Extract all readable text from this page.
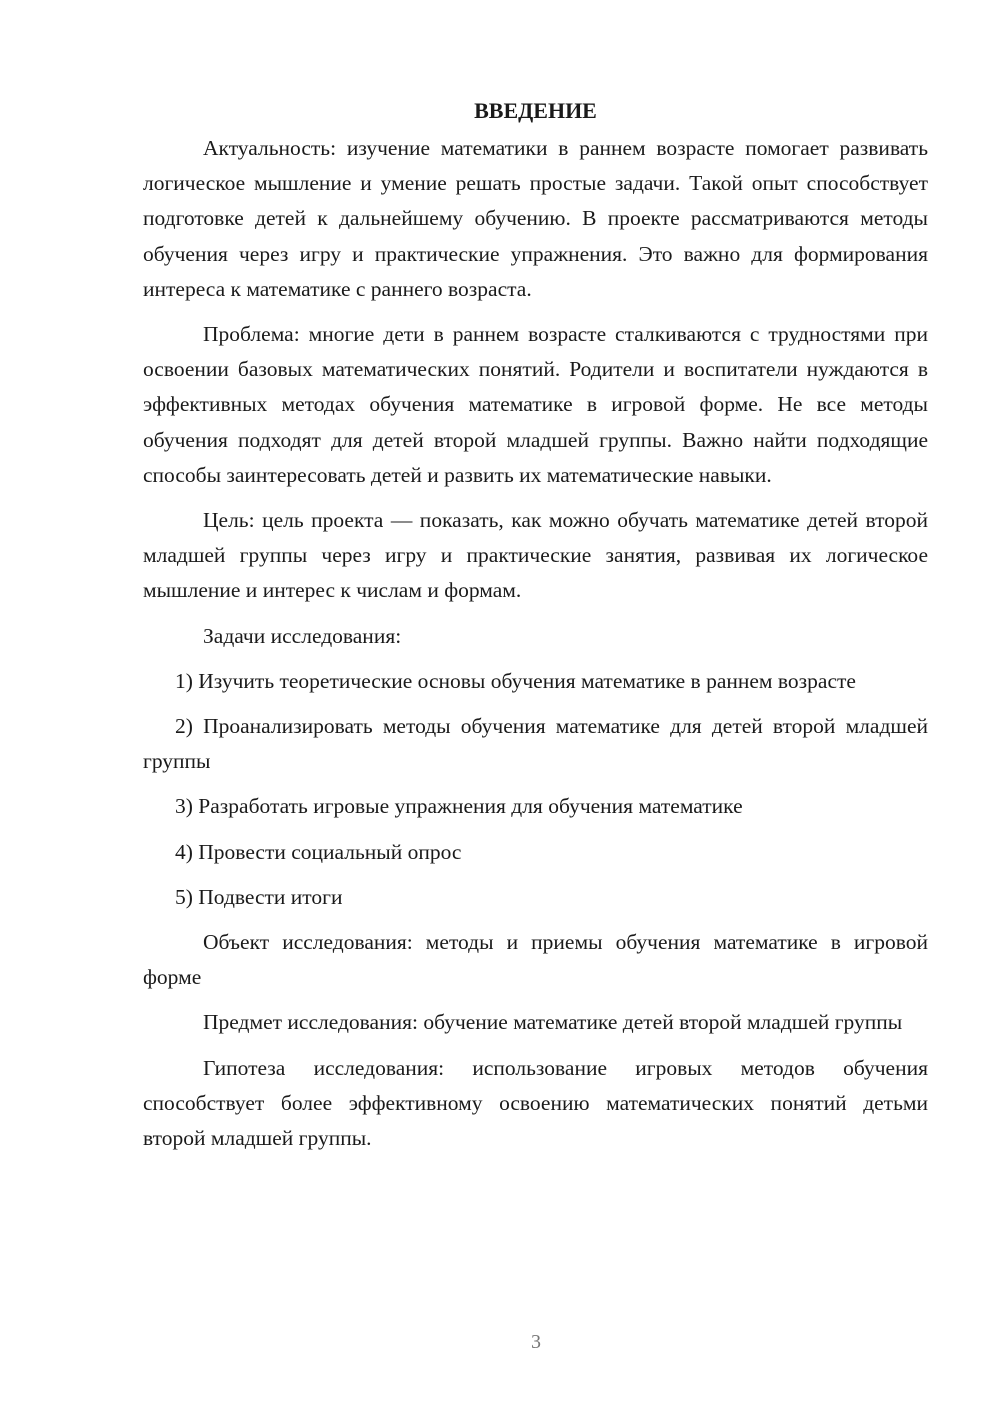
ВВЕДЕНИЕ

Актуальность: изучение математики в раннем возрасте помогает развивать логическое мышление и умение решать простые задачи. Такой опыт способствует подготовке детей к дальнейшему обучению. В проекте рассматриваются методы обучения через игру и практические упражнения. Это важно для формирования интереса к математике с раннего возраста.

Проблема: многие дети в раннем возрасте сталкиваются с трудностями при освоении базовых математических понятий. Родители и воспитатели нуждаются в эффективных методах обучения математике в игровой форме. Не все методы обучения подходят для детей второй младшей группы. Важно найти подходящие способы заинтересовать детей и развить их математические навыки.

Цель: цель проекта — показать, как можно обучать математике детей второй младшей группы через игру и практические занятия, развивая их логическое мышление и интерес к числам и формам.

Задачи исследования:

1) Изучить теоретические основы обучения математике в раннем возрасте

2) Проанализировать методы обучения математике для детей второй младшей группы

3) Разработать игровые упражнения для обучения математике

4) Провести социальный опрос

5) Подвести итоги

Объект исследования: методы и приемы обучения математике в игровой форме

Предмет исследования: обучение математике детей второй младшей группы

Гипотеза исследования: использование игровых методов обучения способствует более эффективному освоению математических понятий детьми второй младшей группы.

3
